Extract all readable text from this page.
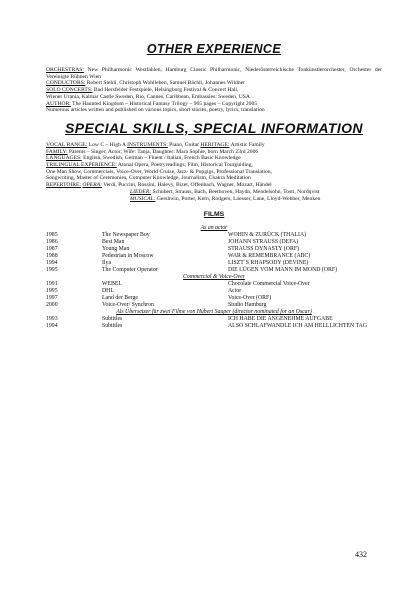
OTHER EXPERIENCE

ORCHESTRAS: New Philharmonic Westfahlen, Hamburg Classic Philharmonic, Niederösterreichische Tonkünstlerorchester, Orchester der Vereinigte Bühnen Wien

CONDUCTORS: Robert Stehli, Christoph Wohlleben, Samuel Bächli, Johannes Wildner

SOLO CONCERTS: Bad Hersfelder Festspiele, Helsingborg Festival & Concert Hall,

Wiener Urania, Kalmar Castle Sweden, Rio, Cannes, Caribbean, Embassies: Sweden, USA

AUTHOR: The Haunted Kingdom – Historical Fantasy Trilogy – 965 pages – Copyright 2005

Numerous articles written and published on various topics, short stories, poetry, lyrics, translation

SPECIAL SKILLS, SPECIAL INFORMATION

VOCAL RANGE: Low C – High A INSTRUMENTS: Piano, Guitar HERITAGE: Artistic Family

FAMILY: Parents – Singer, Actor; Wife: Tanja, Daughter: Mara Sophie, born March 23rd 2006

LANGUAGES: English, Swedish, German – Fluent / Italian, French Basic Knowledge

TRILINGUAL EXPERIENCE: Atonal Opera, Poetryreadings, Film, Historical Tourguiding,

One Man Show, Commercials, Voice-Over, World Cruise, Jazz- & Popgigs, Professional Translation,

Songwriting, Master of Ceremonies, Computer Knowledge, Journalism, Chakra Meditation

REPERTOIRE: OPERA: Verdi, Puccini, Rossini, Halevy, Bizet, Offenbach, Wagner, Mozart, Händel

LIEDER: Schubert, Strauss, Bach, Beethoven, Haydn, Mendelsohn, Tosti, Nordqvist

MUSICAL: Gershwin, Porter, Kern, Rodgers, Loesser, Lane, Lloyd-Webber, Menken

FILMS

As an actor

1985	The Newspaper Boy	WOHIN & ZURÜCK (THALIA)
1986	Best Man	JOHANN STRAUSS (DEFA)
1987	Young Man	STRAUSS DYNASTY (ORF)
1988	Pedestrian in Moscow	WAR & REMEMBRANCE (ABC)
1994	Ilya	LISZT´S RHAPSODY (DEVINE)
1995	The Computer Operator	DIE LÜGEN VOM MANN IM MOND (ORF)

Commercial & Voice-Over

1991	WEBEL	Chocolate Commercial Voice-Over
1995	DHL	Actor
1997	Land der Berge	Voice-Over (ORF)
2000	Voice-Over/ Synchron	Studio Hamburg

Als Übersetzer für zwei Filme von Hubert Sauper (director nominated for an Oscar)

1993	Subtitles	ICH HABE DIE ANGENEHME AUFGABE
1994	Subtitles	ALSO SCHLAFWANDLE ICH AM HELLLICHTEN TAG
432
